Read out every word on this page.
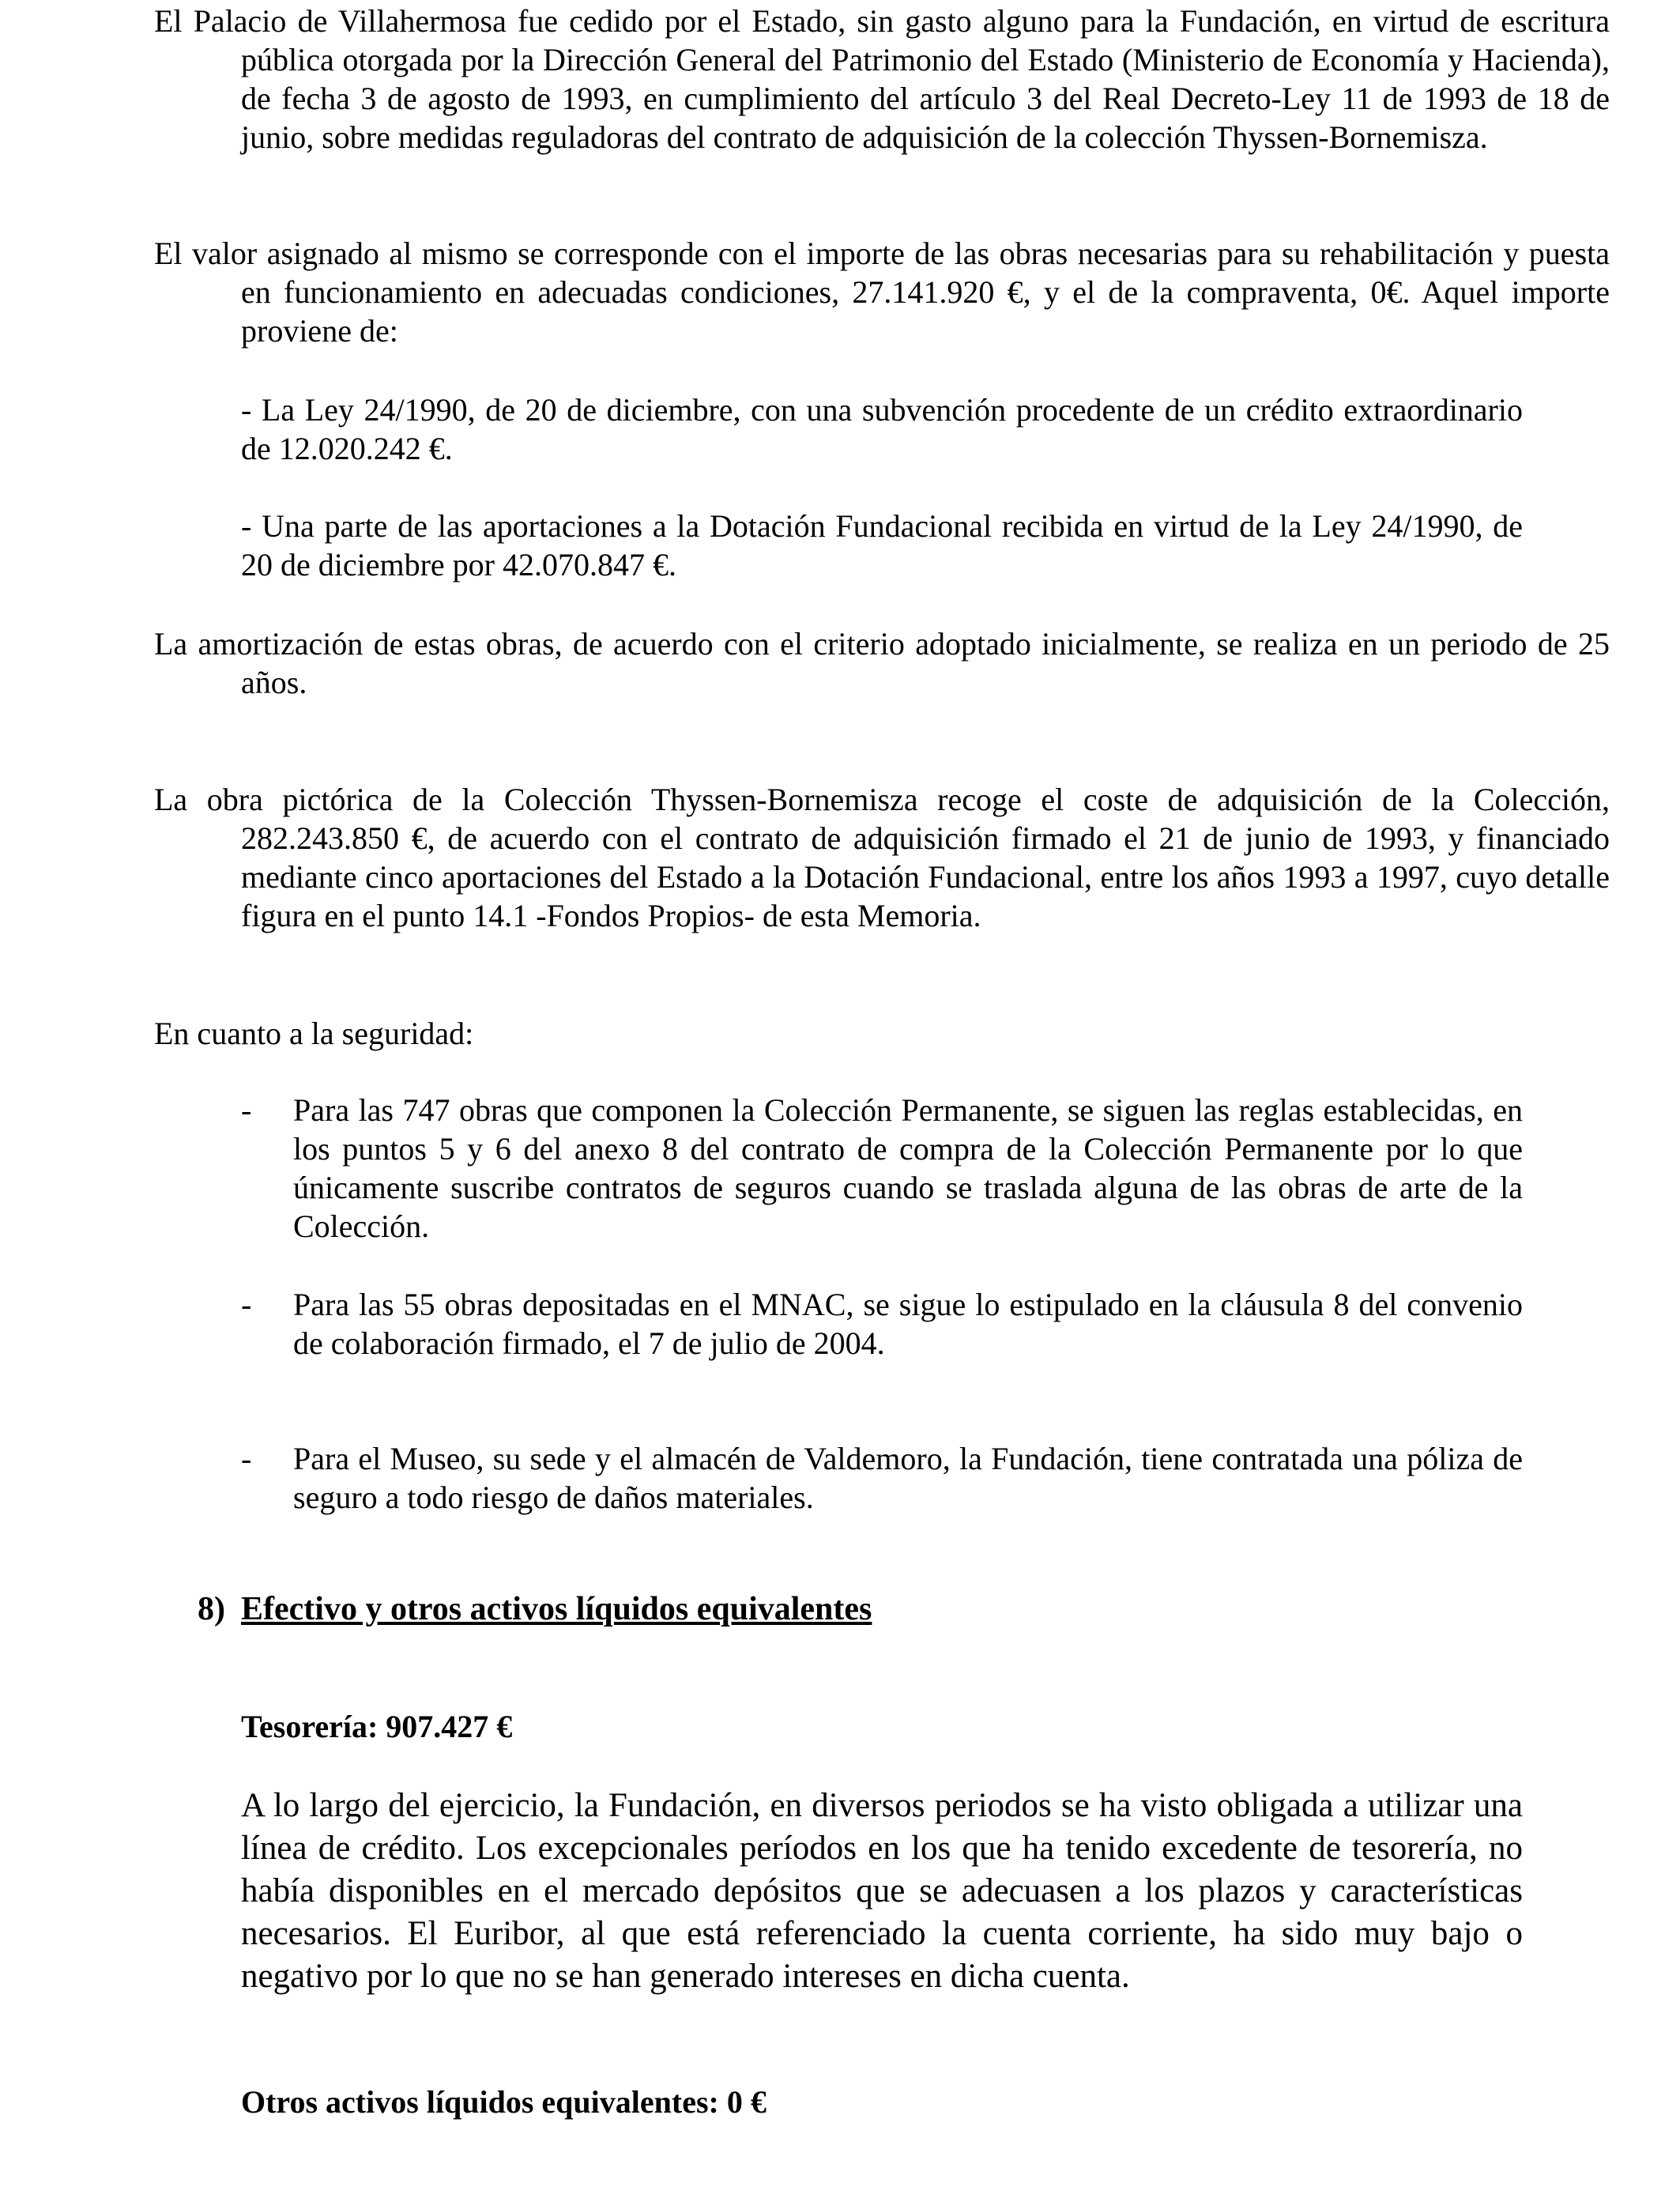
El Palacio de Villahermosa fue cedido por el Estado, sin gasto alguno para la Fundación, en virtud de escritura pública otorgada por la Dirección General del Patrimonio del Estado (Ministerio de Economía y Hacienda), de fecha 3 de agosto de 1993, en cumplimiento del artículo 3 del Real Decreto-Ley 11 de 1993 de 18 de junio, sobre medidas reguladoras del contrato de adquisición de la colección Thyssen-Bornemisza.

El valor asignado al mismo se corresponde con el importe de las obras necesarias para su rehabilitación y puesta en funcionamiento en adecuadas condiciones, 27.141.920 €, y el de la compraventa, 0€. Aquel importe proviene de:

- La Ley 24/1990, de 20 de diciembre, con una subvención procedente de un crédito extraordinario de 12.020.242 €.

- Una parte de las aportaciones a la Dotación Fundacional recibida en virtud de la Ley 24/1990, de 20 de diciembre por 42.070.847 €.

La amortización de estas obras, de acuerdo con el criterio adoptado inicialmente, se realiza en un periodo de 25 años.

La obra pictórica de la Colección Thyssen-Bornemisza recoge el coste de adquisición de la Colección, 282.243.850 €, de acuerdo con el contrato de adquisición firmado el 21 de junio de 1993, y financiado mediante cinco aportaciones del Estado a la Dotación Fundacional, entre los años 1993 a 1997, cuyo detalle figura en el punto 14.1 -Fondos Propios- de esta Memoria.

En cuanto a la seguridad:

- Para las 747 obras que componen la Colección Permanente, se siguen las reglas establecidas, en los puntos 5 y 6 del anexo 8 del contrato de compra de la Colección Permanente por lo que únicamente suscribe contratos de seguros cuando se traslada alguna de las obras de arte de la Colección.
- Para las 55 obras depositadas en el MNAC, se sigue lo estipulado en la cláusula 8 del convenio de colaboración firmado, el 7 de julio de 2004.
- Para el Museo, su sede y el almacén de Valdemoro, la Fundación, tiene contratada una póliza de seguro a todo riesgo de daños materiales.
8) Efectivo y otros activos líquidos equivalentes

Tesorería: 907.427 €

A lo largo del ejercicio, la Fundación, en diversos periodos se ha visto obligada a utilizar una línea de crédito. Los excepcionales períodos en los que ha tenido excedente de tesorería, no había disponibles en el mercado depósitos que se adecuasen a los plazos y características necesarios. El Euribor, al que está referenciado la cuenta corriente, ha sido muy bajo o negativo por lo que no se han generado intereses en dicha cuenta.

Otros activos líquidos equivalentes: 0 €
